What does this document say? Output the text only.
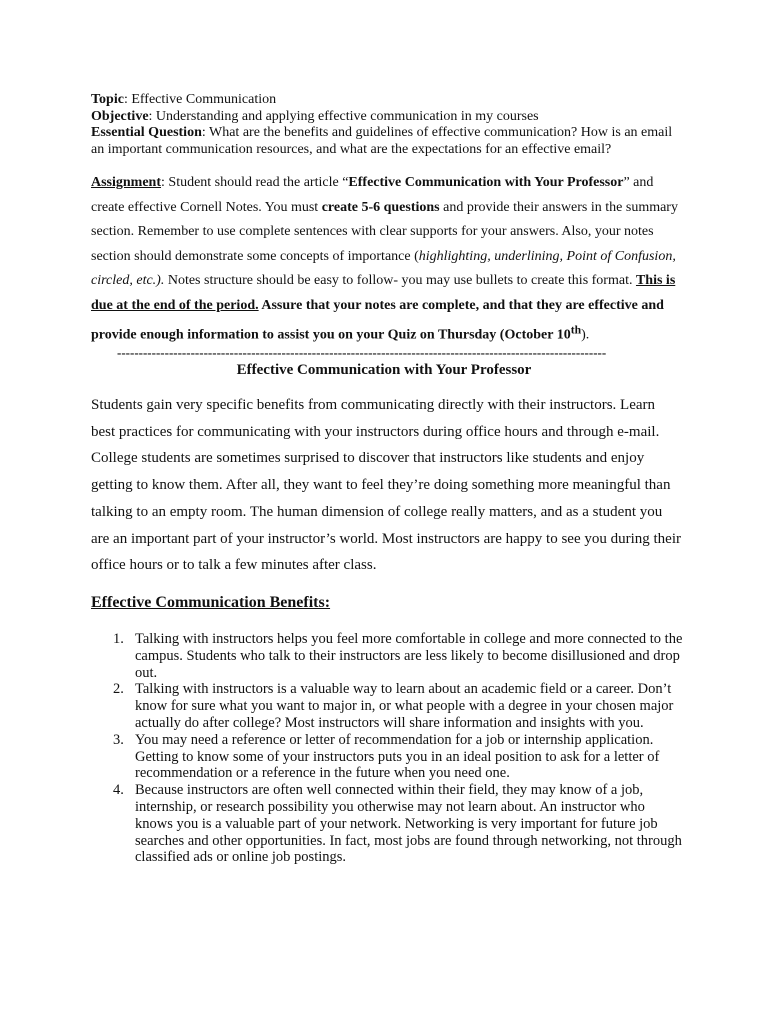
Topic: Effective Communication
Objective: Understanding and applying effective communication in my courses
Essential Question: What are the benefits and guidelines of effective communication? How is an email an important communication resources, and what are the expectations for an effective email?
Assignment: Student should read the article “Effective Communication with Your Professor” and create effective Cornell Notes. You must create 5-6 questions and provide their answers in the summary section. Remember to use complete sentences with clear supports for your answers. Also, your notes section should demonstrate some concepts of importance (highlighting, underlining, Point of Confusion, circled, etc.). Notes structure should be easy to follow- you may use bullets to create this format. This is due at the end of the period. Assure that your notes are complete, and that they are effective and provide enough information to assist you on your Quiz on Thursday (October 10th).
-----------------------------------------------------------------------------------------------------------------
Effective Communication with Your Professor
Students gain very specific benefits from communicating directly with their instructors. Learn best practices for communicating with your instructors during office hours and through e-mail. College students are sometimes surprised to discover that instructors like students and enjoy getting to know them. After all, they want to feel they’re doing something more meaningful than talking to an empty room. The human dimension of college really matters, and as a student you are an important part of your instructor’s world. Most instructors are happy to see you during their office hours or to talk a few minutes after class.
Effective Communication Benefits:
1. Talking with instructors helps you feel more comfortable in college and more connected to the campus. Students who talk to their instructors are less likely to become disillusioned and drop out.
2. Talking with instructors is a valuable way to learn about an academic field or a career. Don’t know for sure what you want to major in, or what people with a degree in your chosen major actually do after college? Most instructors will share information and insights with you.
3. You may need a reference or letter of recommendation for a job or internship application. Getting to know some of your instructors puts you in an ideal position to ask for a letter of recommendation or a reference in the future when you need one.
4. Because instructors are often well connected within their field, they may know of a job, internship, or research possibility you otherwise may not learn about. An instructor who knows you is a valuable part of your network. Networking is very important for future job searches and other opportunities. In fact, most jobs are found through networking, not through classified ads or online job postings.
